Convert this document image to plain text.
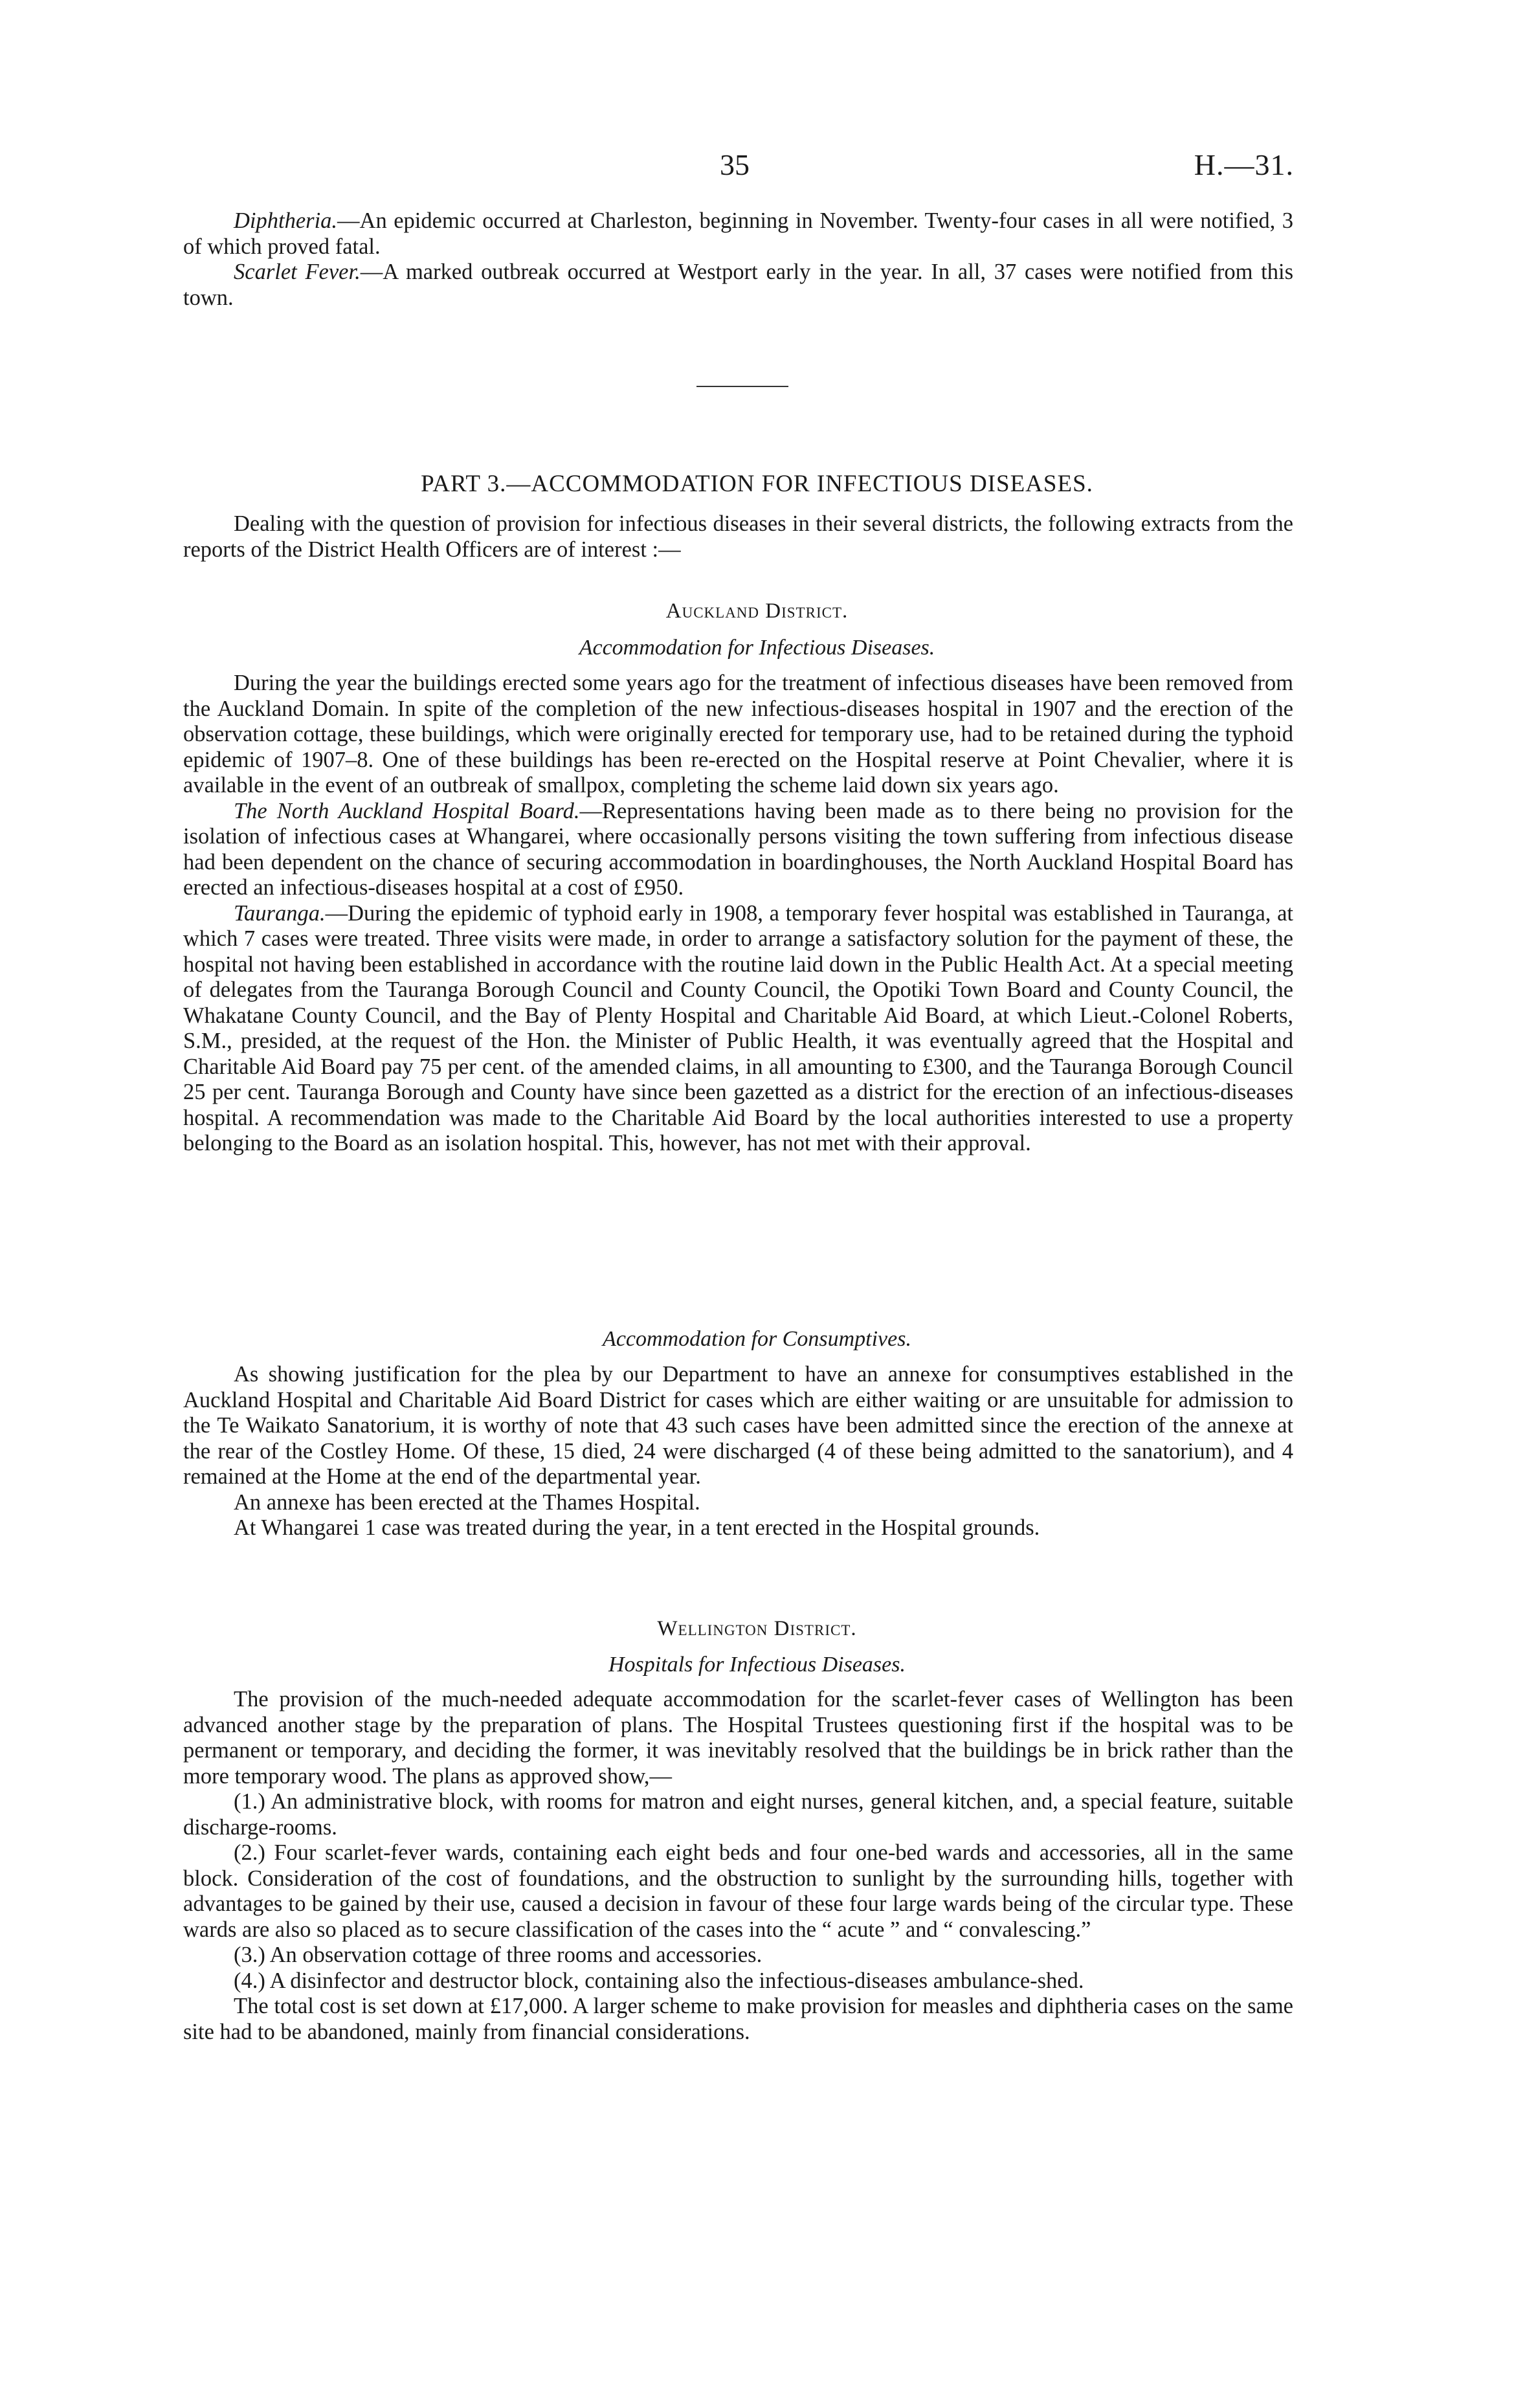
35	H.—31.

Diphtheria.—An epidemic occurred at Charleston, beginning in November. Twenty-four cases in all were notified, 3 of which proved fatal.

Scarlet Fever.—A marked outbreak occurred at Westport early in the year. In all, 37 cases were notified from this town.

PART 3.—ACCOMMODATION FOR INFECTIOUS DISEASES.

Dealing with the question of provision for infectious diseases in their several districts, the following extracts from the reports of the District Health Officers are of interest :—

Auckland District.
Accommodation for Infectious Diseases.

During the year the buildings erected some years ago for the treatment of infectious diseases have been removed from the Auckland Domain. In spite of the completion of the new infectious-diseases hospital in 1907 and the erection of the observation cottage, these buildings, which were originally erected for temporary use, had to be retained during the typhoid epidemic of 1907–8. One of these buildings has been re-erected on the Hospital reserve at Point Chevalier, where it is available in the event of an outbreak of smallpox, completing the scheme laid down six years ago.

The North Auckland Hospital Board.—Representations having been made as to there being no provision for the isolation of infectious cases at Whangarei, where occasionally persons visiting the town suffering from infectious disease had been dependent on the chance of securing accommodation in boardinghouses, the North Auckland Hospital Board has erected an infectious-diseases hospital at a cost of £950.

Tauranga.—During the epidemic of typhoid early in 1908, a temporary fever hospital was established in Tauranga, at which 7 cases were treated. Three visits were made, in order to arrange a satisfactory solution for the payment of these, the hospital not having been established in accordance with the routine laid down in the Public Health Act. At a special meeting of delegates from the Tauranga Borough Council and County Council, the Opotiki Town Board and County Council, the Whakatane County Council, and the Bay of Plenty Hospital and Charitable Aid Board, at which Lieut.-Colonel Roberts, S.M., presided, at the request of the Hon. the Minister of Public Health, it was eventually agreed that the Hospital and Charitable Aid Board pay 75 per cent. of the amended claims, in all amounting to £300, and the Tauranga Borough Council 25 per cent. Tauranga Borough and County have since been gazetted as a district for the erection of an infectious-diseases hospital. A recommendation was made to the Charitable Aid Board by the local authorities interested to use a property belonging to the Board as an isolation hospital. This, however, has not met with their approval.

Accommodation for Consumptives.

As showing justification for the plea by our Department to have an annexe for consumptives established in the Auckland Hospital and Charitable Aid Board District for cases which are either waiting or are unsuitable for admission to the Te Waikato Sanatorium, it is worthy of note that 43 such cases have been admitted since the erection of the annexe at the rear of the Costley Home. Of these, 15 died, 24 were discharged (4 of these being admitted to the sanatorium), and 4 remained at the Home at the end of the departmental year.

An annexe has been erected at the Thames Hospital.

At Whangarei 1 case was treated during the year, in a tent erected in the Hospital grounds.

Wellington District.
Hospitals for Infectious Diseases.

The provision of the much-needed adequate accommodation for the scarlet-fever cases of Wellington has been advanced another stage by the preparation of plans. The Hospital Trustees questioning first if the hospital was to be permanent or temporary, and deciding the former, it was inevitably resolved that the buildings be in brick rather than the more temporary wood. The plans as approved show,—

(1.) An administrative block, with rooms for matron and eight nurses, general kitchen, and, a special feature, suitable discharge-rooms.

(2.) Four scarlet-fever wards, containing each eight beds and four one-bed wards and accessories, all in the same block. Consideration of the cost of foundations, and the obstruction to sunlight by the surrounding hills, together with advantages to be gained by their use, caused a decision in favour of these four large wards being of the circular type. These wards are also so placed as to secure classification of the cases into the “ acute ” and “ convalescing.”

(3.) An observation cottage of three rooms and accessories.

(4.) A disinfector and destructor block, containing also the infectious-diseases ambulance-shed.

The total cost is set down at £17,000. A larger scheme to make provision for measles and diphtheria cases on the same site had to be abandoned, mainly from financial considerations.
